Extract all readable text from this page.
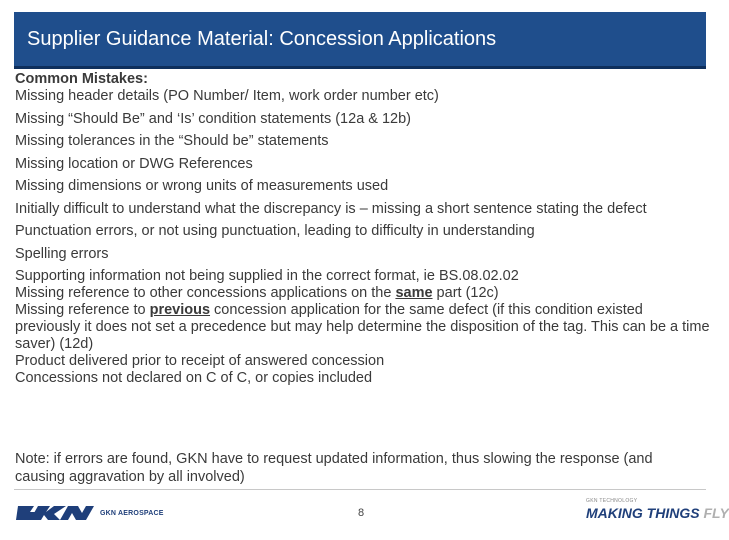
Supplier Guidance Material: Concession Applications
Common Mistakes:
Missing header details (PO Number/ Item, work order number etc)
Missing “Should Be” and ‘Is’ condition statements (12a & 12b)
Missing tolerances in the “Should be” statements
Missing location or DWG References
Missing dimensions or wrong units of measurements used
Initially difficult to understand what the discrepancy is – missing a short sentence stating the defect
Punctuation errors, or not using punctuation, leading to difficulty in understanding
Spelling errors
Supporting information not being supplied in the correct format, ie BS.08.02.02
Missing reference to other concessions applications on the same part (12c)
Missing reference to previous concession application for the same defect (if this condition existed previously it does not set a precedence but may help determine the disposition of the tag. This can be a time saver) (12d)
Product delivered prior to receipt of answered concession
Concessions not declared on C of C, or copies included
Note: if errors are found, GKN have to request updated information, thus slowing the response (and causing aggravation by all involved)
GKN AEROSPACE	8
GKN TECHNOLOGY
MAKING THINGS FLY
